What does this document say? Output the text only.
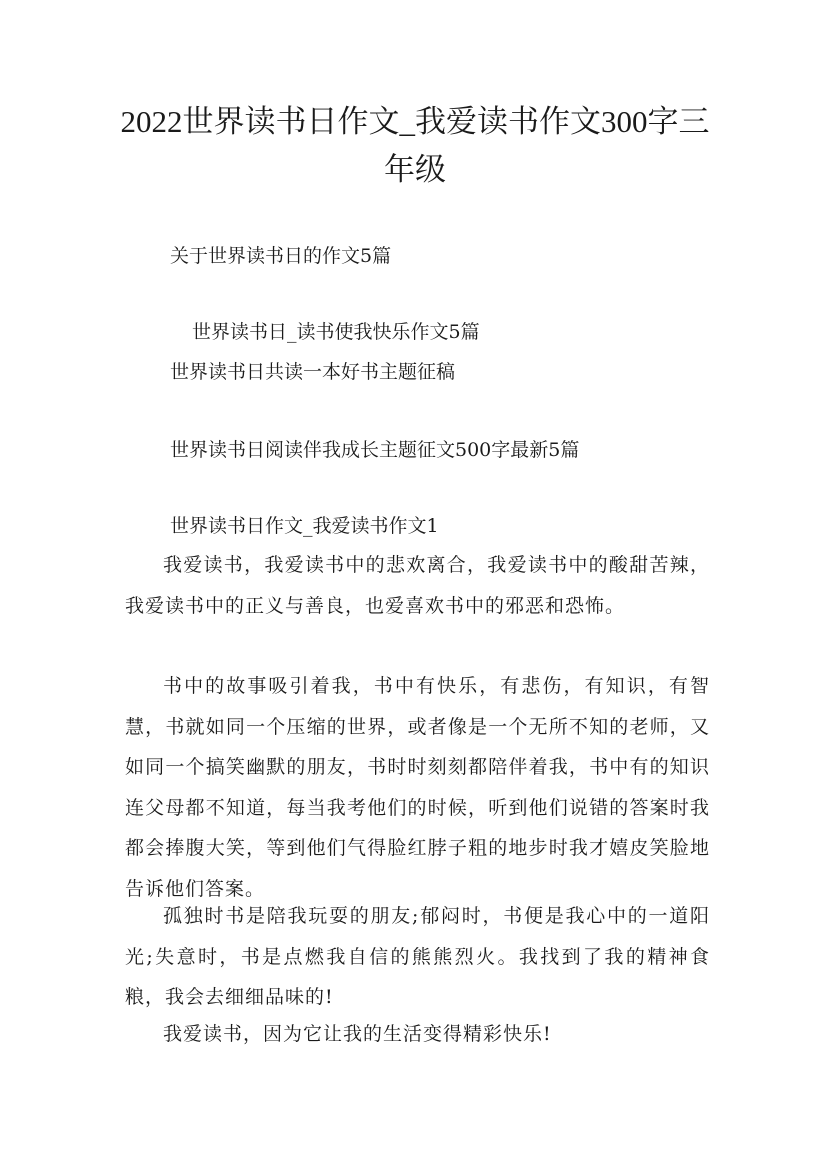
2022世界读书日作文_我爱读书作文300字三年级

关于世界读书日的作文5篇

世界读书日_读书使我快乐作文5篇

世界读书日共读一本好书主题征稿

世界读书日阅读伴我成长主题征文500字最新5篇

世界读书日作文_我爱读书作文1

我爱读书，我爱读书中的悲欢离合，我爱读书中的酸甜苦辣，我爱读书中的正义与善良，也爱喜欢书中的邪恶和恐怖。

书中的故事吸引着我，书中有快乐，有悲伤，有知识，有智慧，书就如同一个压缩的世界，或者像是一个无所不知的老师，又如同一个搞笑幽默的朋友，书时时刻刻都陪伴着我，书中有的知识连父母都不知道，每当我考他们的时候，听到他们说错的答案时我都会捧腹大笑，等到他们气得脸红脖子粗的地步时我才嬉皮笑脸地告诉他们答案。

孤独时书是陪我玩耍的朋友;郁闷时，书便是我心中的一道阳光;失意时，书是点燃我自信的熊熊烈火。我找到了我的精神食粮，我会去细细品味的!

我爱读书，因为它让我的生活变得精彩快乐!
